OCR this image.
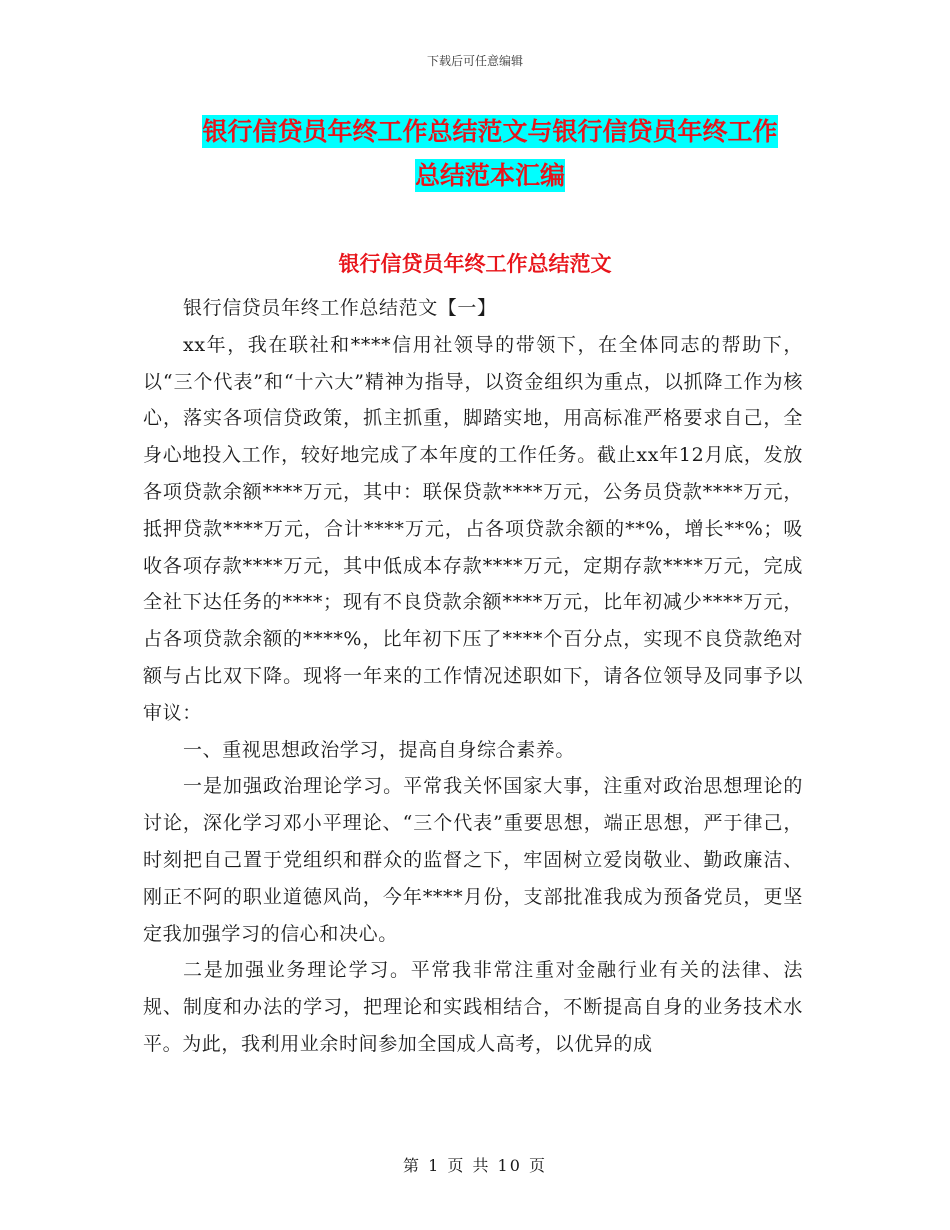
下载后可任意编辑
银行信贷员年终工作总结范文与银行信贷员年终工作
总结范本汇编
银行信贷员年终工作总结范文

银行信贷员年终工作总结范文【一】

xx年，我在联社和****信用社领导的带领下，在全体同志的帮助下，以“三个代表”和“十六大”精神为指导，以资金组织为重点，以抓降工作为核心，落实各项信贷政策，抓主抓重，脚踏实地，用高标准严格要求自己，全身心地投入工作，较好地完成了本年度的工作任务。截止xx年12月底，发放各项贷款余额****万元，其中：联保贷款****万元，公务员贷款****万元，抵押贷款****万元，合计****万元，占各项贷款余额的**%，增长**%；吸收各项存款****万元，其中低成本存款****万元，定期存款****万元，完成全社下达任务的****；现有不良贷款余额****万元，比年初减少****万元，占各项贷款余额的****%，比年初下压了****个百分点，实现不良贷款绝对额与占比双下降。现将一年来的工作情况述职如下，请各位领导及同事予以审议：

一、重视思想政治学习，提高自身综合素养。

一是加强政治理论学习。平常我关怀国家大事，注重对政治思想理论的讨论，深化学习邓小平理论、“三个代表”重要思想，端正思想，严于律己，时刻把自己置于党组织和群众的监督之下，牢固树立爱岗敬业、勤政廉洁、刚正不阿的职业道德风尚，今年****月份，支部批准我成为预备党员，更坚定我加强学习的信心和决心。

二是加强业务理论学习。平常我非常注重对金融行业有关的法律、法规、制度和办法的学习，把理论和实践相结合，不断提高自身的业务技术水平。为此，我利用业余时间参加全国成人高考，以优异的成

第 1 页 共 10 页
